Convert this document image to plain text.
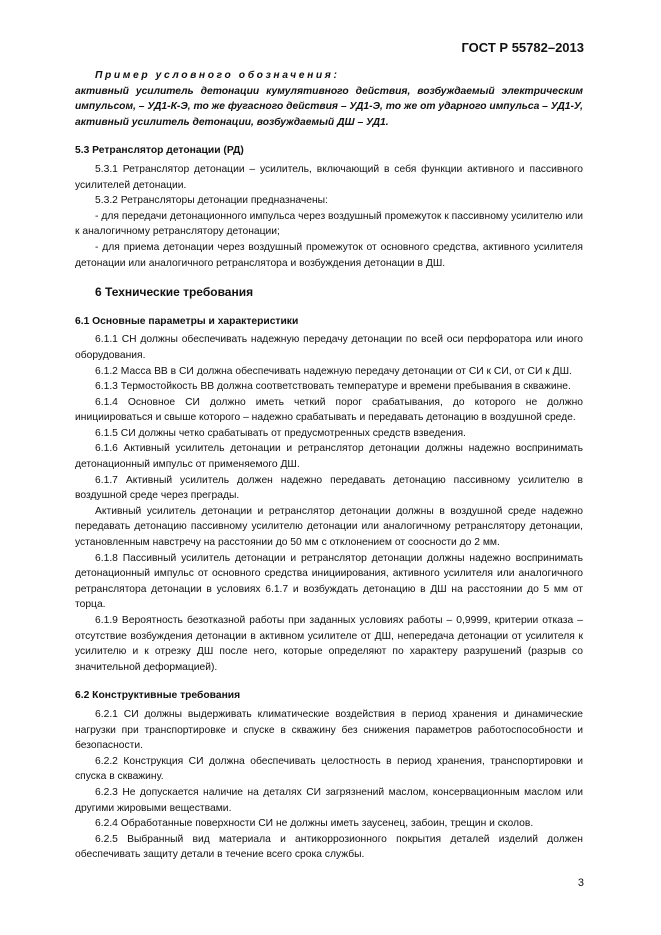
ГОСТ Р 55782–2013

Пример условного обозначения:
активный усилитель детонации кумулятивного действия, возбуждаемый электрическим импульсом, – УД1-К-Э, то же фугасного действия – УД1-Э, то же от ударного импульса – УД1-У, активный усилитель детонации, возбуждаемый ДШ – УД1.

5.3 Ретранслятор детонации (РД)

5.3.1 Ретранслятор детонации – усилитель, включающий в себя функции активного и пассивного усилителей детонации.

5.3.2 Ретрансляторы детонации предназначены:

- для передачи детонационного импульса через воздушный промежуток к пассивному усилителю или к аналогичному ретранслятору детонации;

- для приема детонации через воздушный промежуток от основного средства, активного усилителя детонации или аналогичного ретранслятора и возбуждения детонации в ДШ.

6 Технические требования

6.1 Основные параметры и характеристики

6.1.1 СН должны обеспечивать надежную передачу детонации по всей оси перфоратора или иного оборудования.

6.1.2 Масса ВВ в СИ должна обеспечивать надежную передачу детонации от СИ к СИ, от СИ к ДШ.

6.1.3 Термостойкость ВВ должна соответствовать температуре и времени пребывания в скважине.

6.1.4 Основное СИ должно иметь четкий порог срабатывания, до которого не должно инициироваться и свыше которого – надежно срабатывать и передавать детонацию в воздушной среде.

6.1.5 СИ должны четко срабатывать от предусмотренных средств взведения.

6.1.6 Активный усилитель детонации и ретранслятор детонации должны надежно воспринимать детонационный импульс от применяемого ДШ.

6.1.7 Активный усилитель должен надежно передавать детонацию пассивному усилителю в воздушной среде через преграды.

Активный усилитель детонации и ретранслятор детонации должны в воздушной среде надежно передавать детонацию пассивному усилителю детонации или аналогичному ретранслятору детонации, установленным навстречу на расстоянии до 50 мм с отклонением от соосности до 2 мм.

6.1.8 Пассивный усилитель детонации и ретранслятор детонации должны надежно воспринимать детонационный импульс от основного средства инициирования, активного усилителя или аналогичного ретранслятора детонации в условиях 6.1.7 и возбуждать детонацию в ДШ на расстоянии до 5 мм от торца.

6.1.9 Вероятность безотказной работы при заданных условиях работы – 0,9999, критерии отказа – отсутствие возбуждения детонации в активном усилителе от ДШ, непередача детонации от усилителя к усилителю и к отрезку ДШ после него, которые определяют по характеру разрушений (разрыв со значительной деформацией).

6.2 Конструктивные требования

6.2.1 СИ должны выдерживать климатические воздействия в период хранения и динамические нагрузки при транспортировке и спуске в скважину без снижения параметров работоспособности и безопасности.

6.2.2 Конструкция СИ должна обеспечивать целостность в период хранения, транспортировки и спуска в скважину.

6.2.3 Не допускается наличие на деталях СИ загрязнений маслом, консервационным маслом или другими жировыми веществами.

6.2.4 Обработанные поверхности СИ не должны иметь заусенец, забоин, трещин и сколов.

6.2.5 Выбранный вид материала и антикоррозионного покрытия деталей изделий должен обеспечивать защиту детали в течение всего срока службы.

3
